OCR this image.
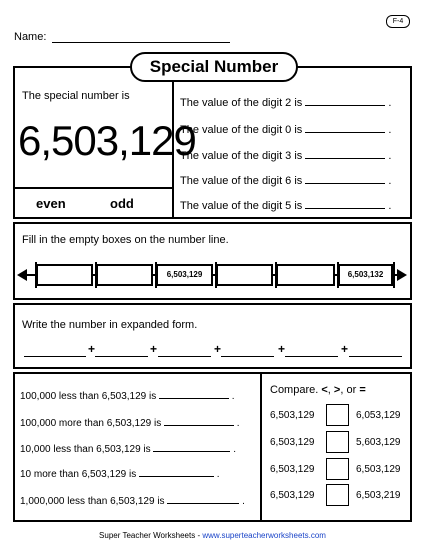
F-4
Name:
Special Number
The special number is
6,503,129
even	odd
The value of the digit 2 is	.
The value of the digit 0 is	.
The value of the digit 3 is	.
The value of the digit 6 is	.
The value of the digit 5 is	.
Fill in the empty boxes on the number line.
6,503,129	6,503,132
Write the number in expanded form.
+	+	+	+	+
100,000 less than 6,503,129 is	.
100,000 more than 6,503,129 is	.
10,000 less than 6,503,129 is	.
10 more than 6,503,129 is	.
1,000,000 less than 6,503,129 is	.
Compare. <, >, or =
6,503,129	6,053,129
6,503,129	5,603,129
6,503,129	6,503,129
6,503,129	6,503,219
Super Teacher Worksheets - www.superteacherworksheets.com
